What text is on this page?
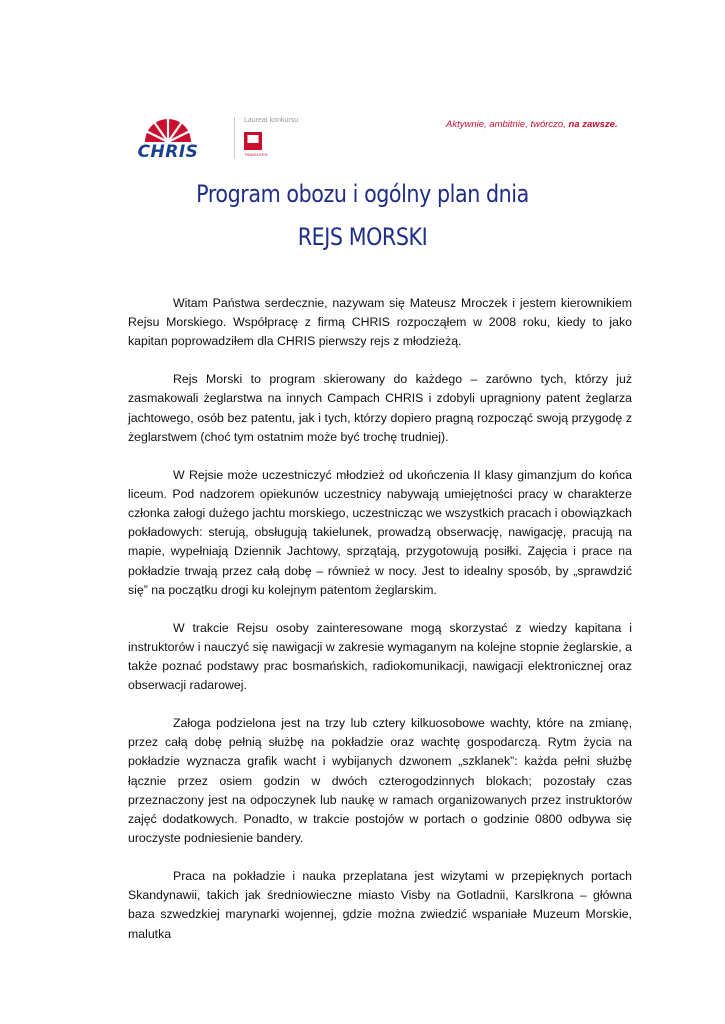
CHRIS
Laureat konkursu
TRAVELERS
Aktywnie, ambitnie, twórczo, na zawsze.
Program obozu i ogólny plan dnia
REJS MORSKI

Witam Państwa serdecznie, nazywam się Mateusz Mroczek i jestem kierownikiem Rejsu Morskiego. Współpracę z firmą CHRIS rozpocząłem w 2008 roku, kiedy to jako kapitan poprowadziłem dla CHRIS pierwszy rejs z młodzieżą.

Rejs Morski to program skierowany do każdego – zarówno tych, którzy już zasmakowali żeglarstwa na innych Campach CHRIS i zdobyli upragniony patent żeglarza jachtowego, osób bez patentu, jak i tych, którzy dopiero pragną rozpocząć swoją przygodę z żeglarstwem (choć tym ostatnim może być trochę trudniej).

W Rejsie może uczestniczyć młodzież od ukończenia II klasy gimanzjum do końca liceum. Pod nadzorem opiekunów uczestnicy nabywają umiejętności pracy w charakterze członka załogi dużego jachtu morskiego, uczestnicząc we wszystkich pracach i obowiązkach pokładowych: sterują, obsługują takielunek, prowadzą obserwację, nawigację, pracują na mapie, wypełniają Dziennik Jachtowy, sprzątają, przygotowują posiłki. Zajęcia i prace na pokładzie trwają przez całą dobę – również w nocy. Jest to idealny sposób, by „sprawdzić się” na początku drogi ku kolejnym patentom żeglarskim.

W trakcie Rejsu osoby zainteresowane mogą skorzystać z wiedzy kapitana i instruktorów i nauczyć się nawigacji w zakresie wymaganym na kolejne stopnie żeglarskie, a także poznać podstawy prac bosmańskich, radiokomunikacji, nawigacji elektronicznej oraz obserwacji radarowej.

Załoga podzielona jest na trzy lub cztery kilkuosobowe wachty, które na zmianę, przez całą dobę pełnią służbę na pokładzie oraz wachtę gospodarczą. Rytm życia na pokładzie wyznacza grafik wacht i wybijanych dzwonem „szklanek”: każda pełni służbę łącznie przez osiem godzin w dwóch czterogodzinnych blokach; pozostały czas przeznaczony jest na odpoczynek lub naukę w ramach organizowanych przez instruktorów zajęć dodatkowych. Ponadto, w trakcie postojów w portach o godzinie 0800 odbywa się uroczyste podniesienie bandery.

Praca na pokładzie i nauka przeplatana jest wizytami w przepięknych portach Skandynawii, takich jak średniowieczne miasto Visby na Gotladnii, Karslkrona – główna baza szwedzkiej marynarki wojennej, gdzie można zwiedzić wspaniałe Muzeum Morskie, malutka
